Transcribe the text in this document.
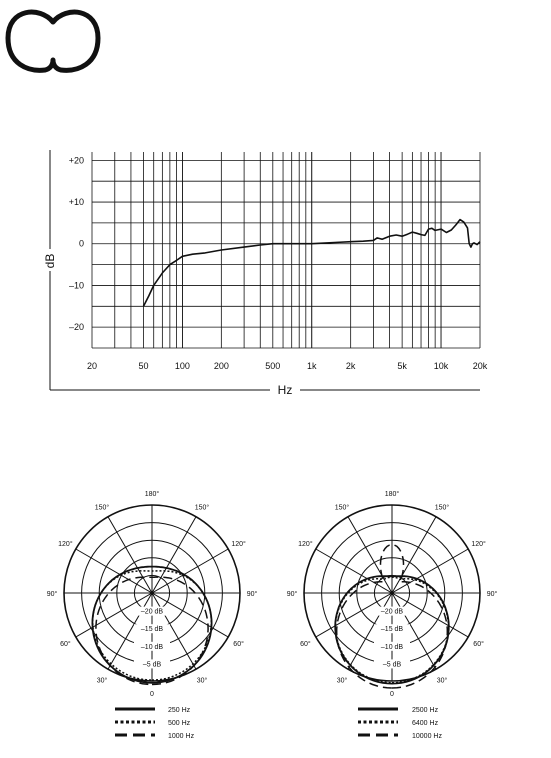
+20
+10
0
–10
–20
20	50	100	200	500	1k	2k	5k	10k	20k
dB
Hz
0
30°
30°
60°
60°
90°
90°
120°
120°
150°
150°
180°
–20 dB
–15 dB
–10 dB
–5 dB
0
30°
30°
60°
60°
90°
90°
120°
120°
150°
150°
180°
–20 dB
–15 dB
–10 dB
–5 dB
250 Hz
500 Hz
1000 Hz
2500 Hz
6400 Hz
10000 Hz
